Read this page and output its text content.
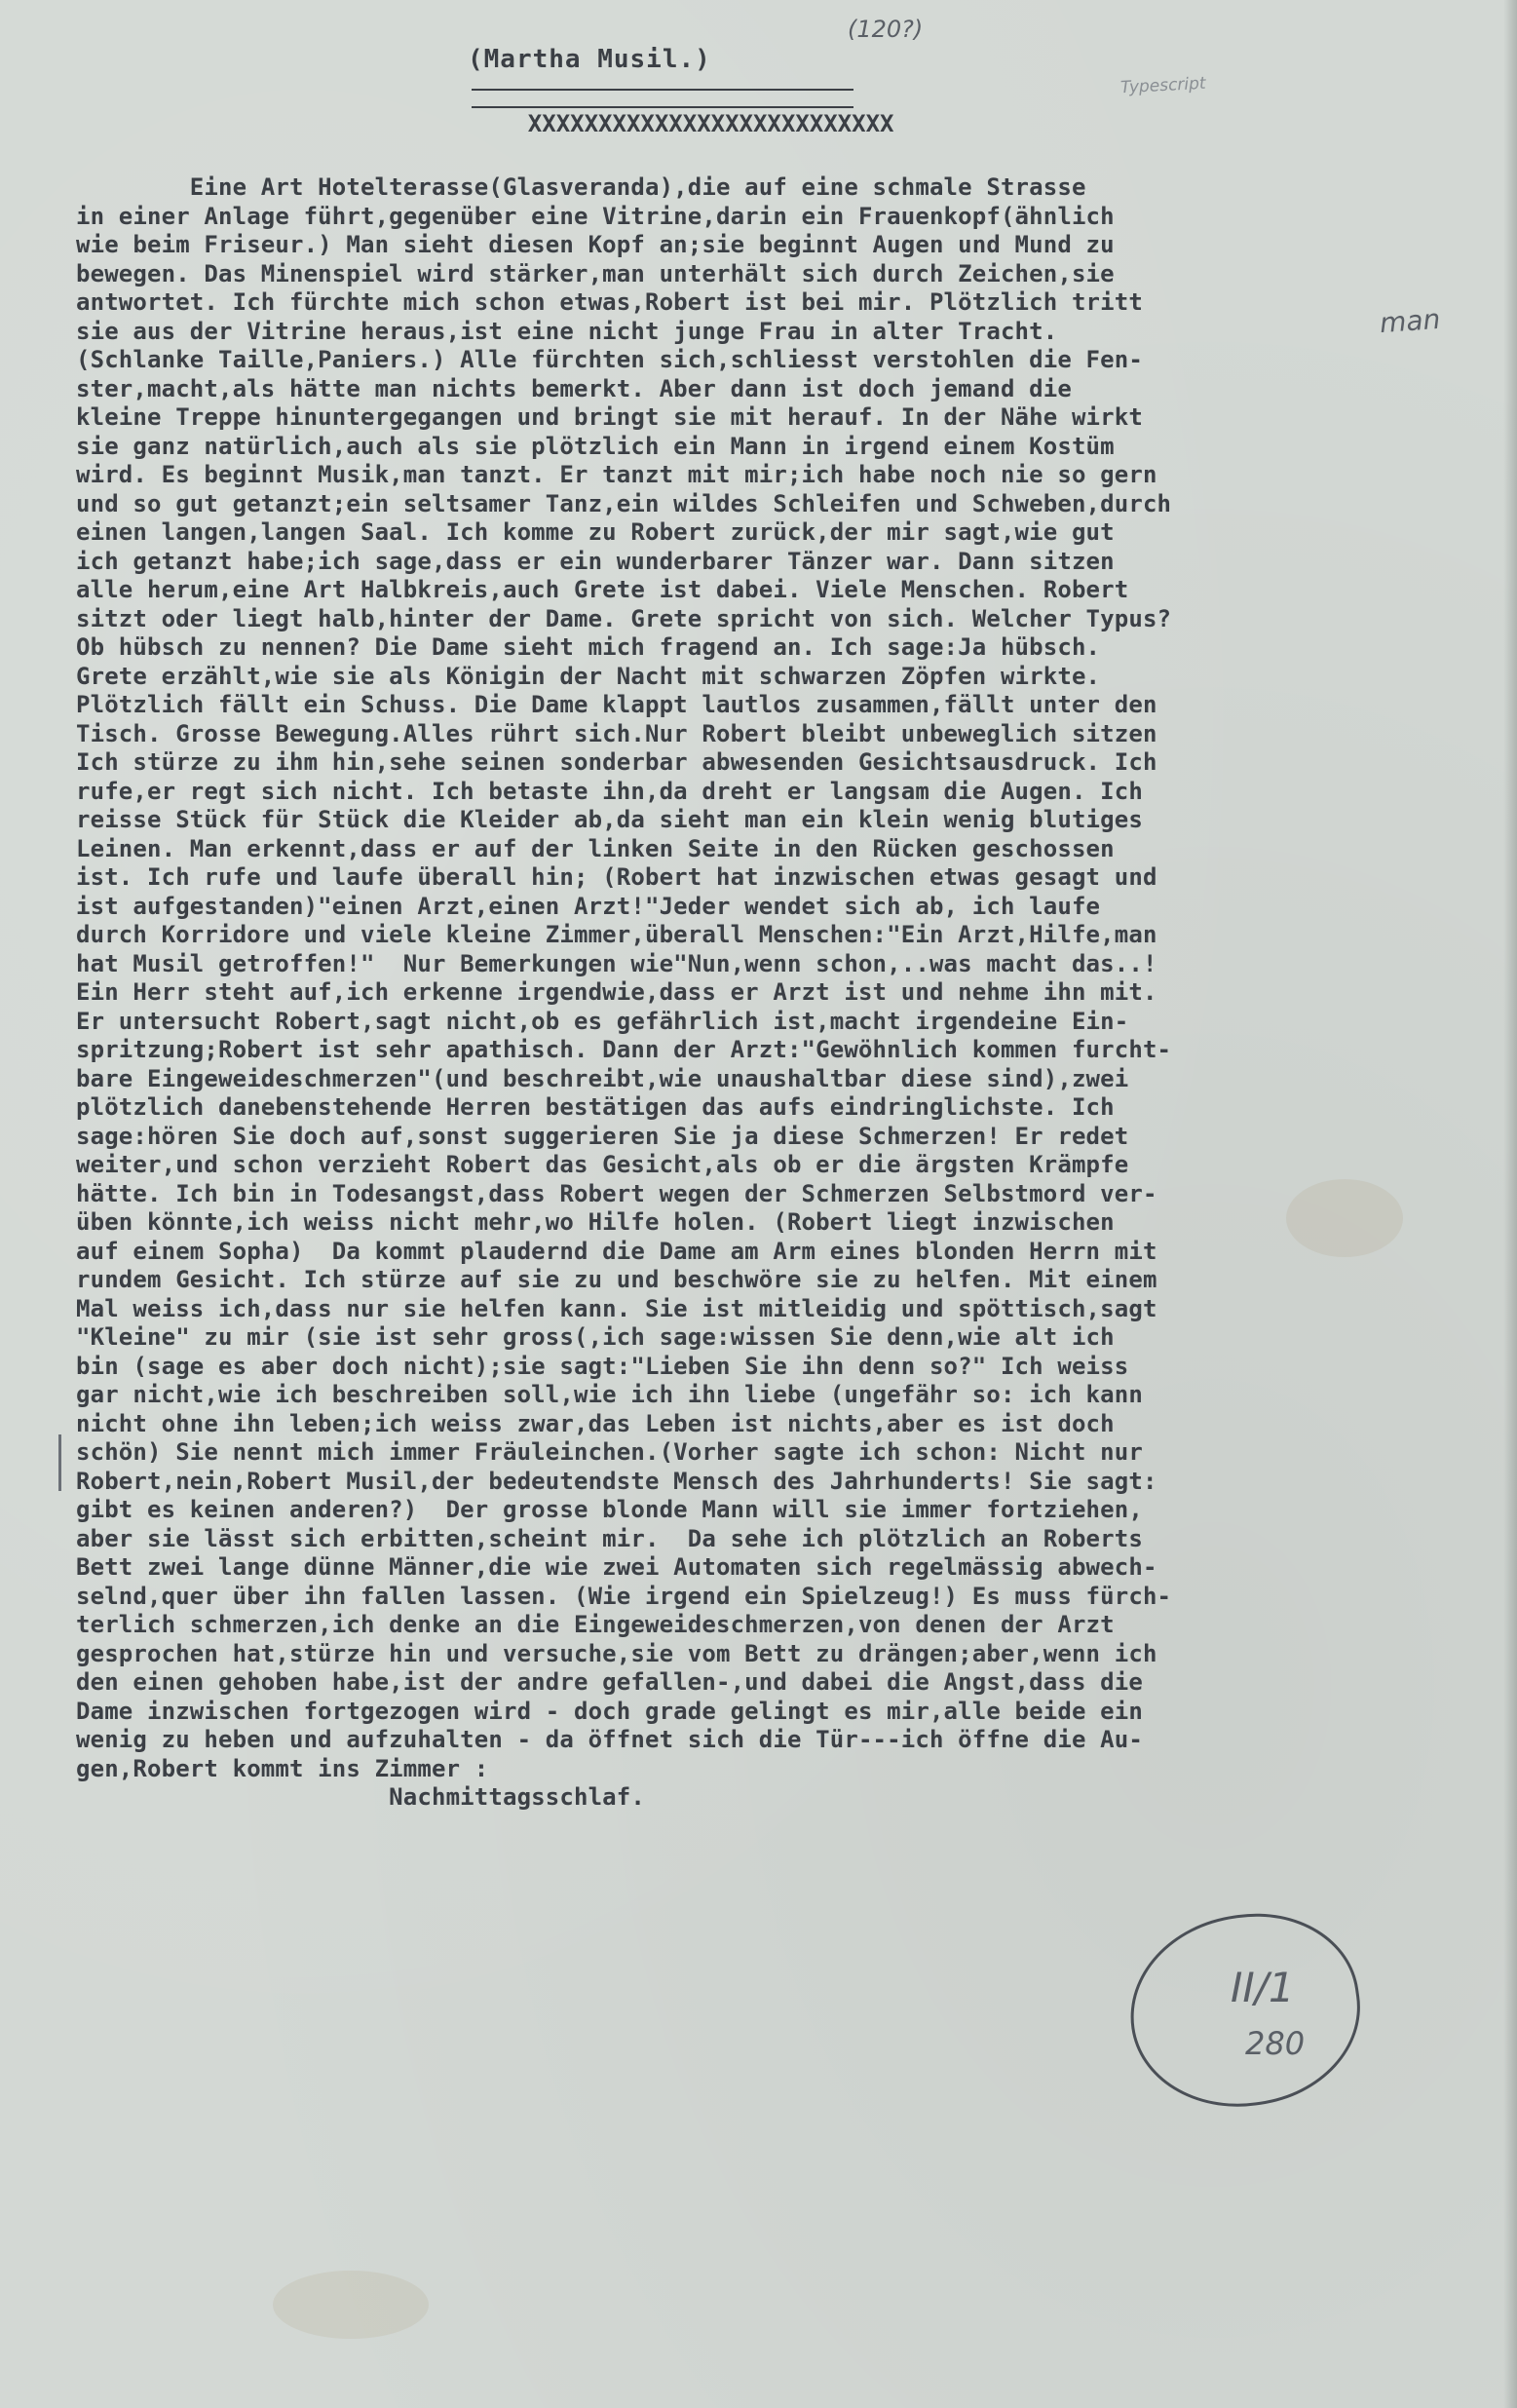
(120?)
Typescript
(Martha Musil.)

XXXXXXXXXXXXXXXXXXXXXXXXXX

Eine Art Hotelterasse(Glasveranda),die auf eine schmale Strasse
in einer Anlage führt,gegenüber eine Vitrine,darin ein Frauenkopf(ähnlich
wie beim Friseur.) Man sieht diesen Kopf an;sie beginnt Augen und Mund zu
bewegen. Das Minenspiel wird stärker,man unterhält sich durch Zeichen,sie
antwortet. Ich fürchte mich schon etwas,Robert ist bei mir. Plötzlich tritt
sie aus der Vitrine heraus,ist eine nicht junge Frau in alter Tracht.
(Schlanke Taille,Paniers.) Alle fürchten sich,schliesst verstohlen die Fen-
ster,macht,als hätte man nichts bemerkt. Aber dann ist doch jemand die
kleine Treppe hinuntergegangen und bringt sie mit herauf. In der Nähe wirkt
sie ganz natürlich,auch als sie plötzlich ein Mann in irgend einem Kostüm
wird. Es beginnt Musik,man tanzt. Er tanzt mit mir;ich habe noch nie so gern
und so gut getanzt;ein seltsamer Tanz,ein wildes Schleifen und Schweben,durch
einen langen,langen Saal. Ich komme zu Robert zurück,der mir sagt,wie gut
ich getanzt habe;ich sage,dass er ein wunderbarer Tänzer war. Dann sitzen
alle herum,eine Art Halbkreis,auch Grete ist dabei. Viele Menschen. Robert
sitzt oder liegt halb,hinter der Dame. Grete spricht von sich. Welcher Typus?
Ob hübsch zu nennen? Die Dame sieht mich fragend an. Ich sage:Ja hübsch.
Grete erzählt,wie sie als Königin der Nacht mit schwarzen Zöpfen wirkte.
Plötzlich fällt ein Schuss. Die Dame klappt lautlos zusammen,fällt unter den
Tisch. Grosse Bewegung.Alles rührt sich.Nur Robert bleibt unbeweglich sitzen
Ich stürze zu ihm hin,sehe seinen sonderbar abwesenden Gesichtsausdruck. Ich
rufe,er regt sich nicht. Ich betaste ihn,da dreht er langsam die Augen. Ich
reisse Stück für Stück die Kleider ab,da sieht man ein klein wenig blutiges
Leinen. Man erkennt,dass er auf der linken Seite in den Rücken geschossen
ist. Ich rufe und laufe überall hin; (Robert hat inzwischen etwas gesagt und
ist aufgestanden)"einen Arzt,einen Arzt!"Jeder wendet sich ab, ich laufe
durch Korridore und viele kleine Zimmer,überall Menschen:"Ein Arzt,Hilfe,man
hat Musil getroffen!"  Nur Bemerkungen wie"Nun,wenn schon,..was macht das..!
Ein Herr steht auf,ich erkenne irgendwie,dass er Arzt ist und nehme ihn mit.
Er untersucht Robert,sagt nicht,ob es gefährlich ist,macht irgendeine Ein-
spritzung;Robert ist sehr apathisch. Dann der Arzt:"Gewöhnlich kommen furcht-
bare Eingeweideschmerzen"(und beschreibt,wie unaushaltbar diese sind),zwei
plötzlich danebenstehende Herren bestätigen das aufs eindringlichste. Ich
sage:hören Sie doch auf,sonst suggerieren Sie ja diese Schmerzen! Er redet
weiter,und schon verzieht Robert das Gesicht,als ob er die ärgsten Krämpfe
hätte. Ich bin in Todesangst,dass Robert wegen der Schmerzen Selbstmord ver-
üben könnte,ich weiss nicht mehr,wo Hilfe holen. (Robert liegt inzwischen
auf einem Sopha)  Da kommt plaudernd die Dame am Arm eines blonden Herrn mit
rundem Gesicht. Ich stürze auf sie zu und beschwöre sie zu helfen. Mit einem
Mal weiss ich,dass nur sie helfen kann. Sie ist mitleidig und spöttisch,sagt
"Kleine" zu mir (sie ist sehr gross(,ich sage:wissen Sie denn,wie alt ich
bin (sage es aber doch nicht);sie sagt:"Lieben Sie ihn denn so?" Ich weiss
gar nicht,wie ich beschreiben soll,wie ich ihn liebe (ungefähr so: ich kann
nicht ohne ihn leben;ich weiss zwar,das Leben ist nichts,aber es ist doch
schön) Sie nennt mich immer Fräuleinchen.(Vorher sagte ich schon: Nicht nur
Robert,nein,Robert Musil,der bedeutendste Mensch des Jahrhunderts! Sie sagt:
gibt es keinen anderen?)  Der grosse blonde Mann will sie immer fortziehen,
aber sie lässt sich erbitten,scheint mir.  Da sehe ich plötzlich an Roberts
Bett zwei lange dünne Männer,die wie zwei Automaten sich regelmässig abwech-
selnd,quer über ihn fallen lassen. (Wie irgend ein Spielzeug!) Es muss fürch-
terlich schmerzen,ich denke an die Eingeweideschmerzen,von denen der Arzt
gesprochen hat,stürze hin und versuche,sie vom Bett zu drängen;aber,wenn ich
den einen gehoben habe,ist der andre gefallen-,und dabei die Angst,dass die
Dame inzwischen fortgezogen wird - doch grade gelingt es mir,alle beide ein
wenig zu heben und aufzuhalten - da öffnet sich die Tür---ich öffne die Au-
gen,Robert kommt ins Zimmer :
Nachmittagsschlaf.

man
II/1
280
